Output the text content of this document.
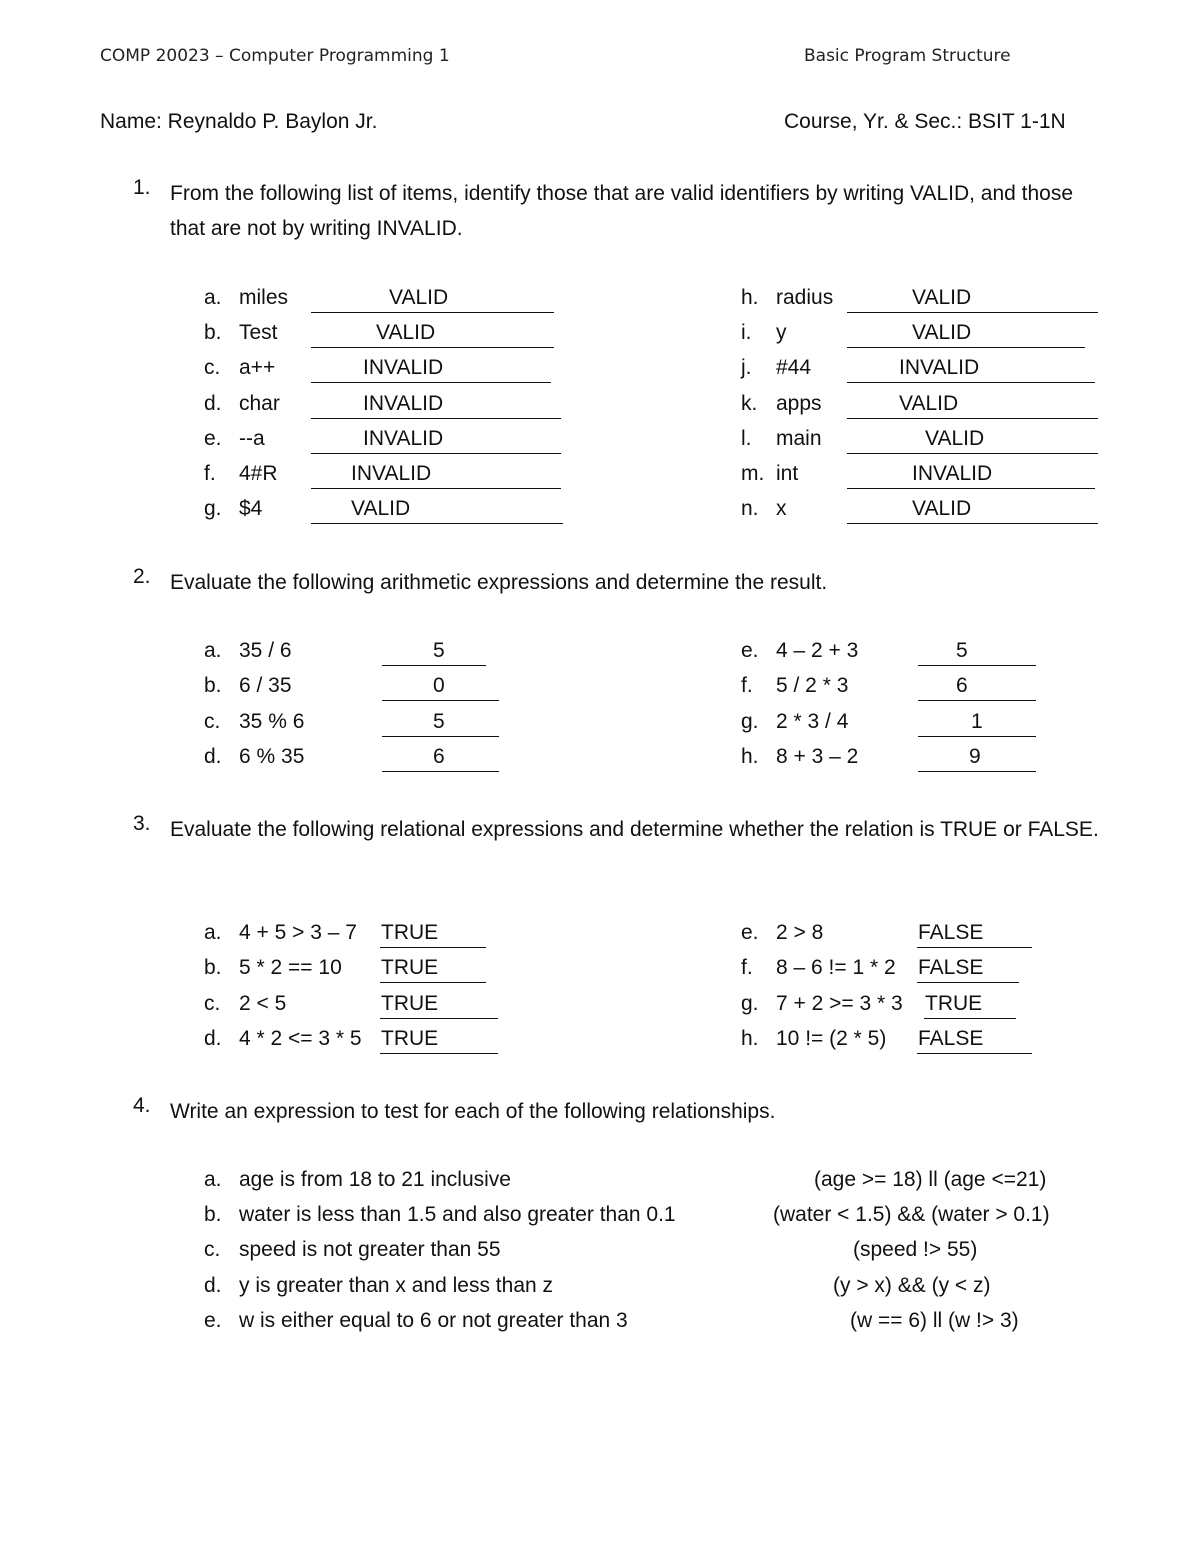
COMP 20023 – Computer Programming 1	Basic Program Structure
Name: Reynaldo P. Baylon Jr.	Course, Yr. & Sec.: BSIT 1-1N
1. From the following list of items, identify those that are valid identifiers by writing VALID, and those that are not by writing INVALID.
a. miles	VALID
b. Test	VALID
c. a++	INVALID
d. char	INVALID
e. --a	INVALID
f. 4#R	INVALID
g. $4	VALID
h. radius	VALID
i. y	VALID
j. #44	INVALID
k. apps	VALID
l. main	VALID
m. int	INVALID
n. x	VALID
2. Evaluate the following arithmetic expressions and determine the result.
a. 35 / 6	5
b. 6 / 35	0
c. 35 % 6	5
d. 6 % 35	6
e. 4 – 2 + 3	5
f. 5 / 2 * 3	6
g. 2 * 3 / 4	1
h. 8 + 3 – 2	9
3. Evaluate the following relational expressions and determine whether the relation is TRUE or FALSE.
a. 4 + 5 > 3 – 7 TRUE
b. 5 * 2 == 10 TRUE
c. 2 < 5	TRUE
d. 4 * 2 <= 3 * 5 TRUE
e. 2 > 8	FALSE
f. 8 – 6 != 1 * 2 FALSE
g. 7 + 2 >= 3 * 3 TRUE
h. 10 != (2 * 5) FALSE
4. Write an expression to test for each of the following relationships.
a. age is from 18 to 21 inclusive	(age >= 18) ll (age <=21)
b. water is less than 1.5 and also greater than 0.1	(water < 1.5) && (water > 0.1)
c. speed is not greater than 55	(speed !> 55)
d. y is greater than x and less than z	(y > x) && (y < z)
e. w is either equal to 6 or not greater than 3	(w == 6) ll (w !> 3)
